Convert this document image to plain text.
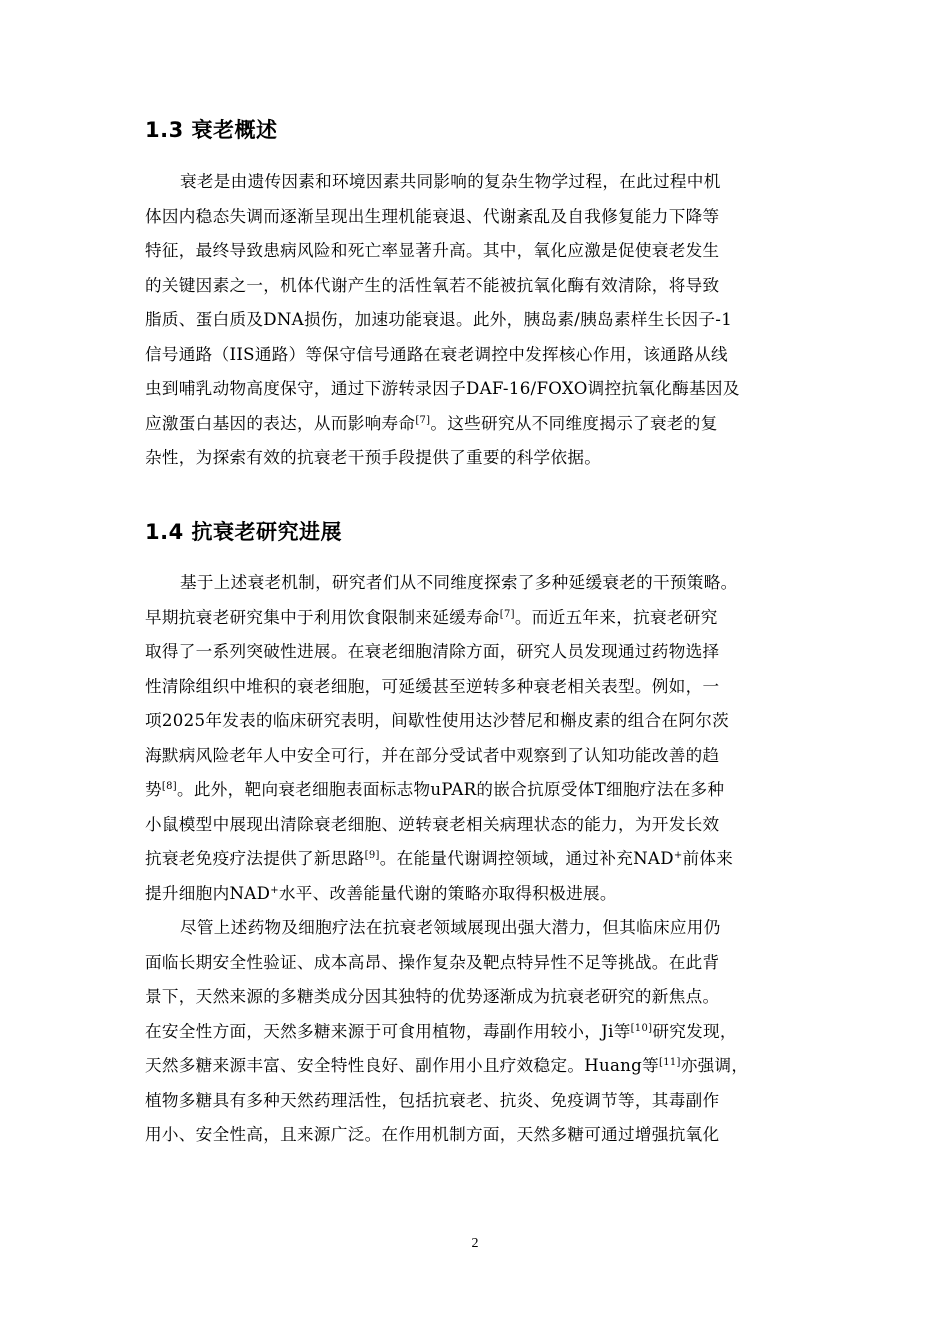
1.3 衰老概述
衰老是由遗传因素和环境因素共同影响的复杂生物学过程，在此过程中机
体因内稳态失调而逐渐呈现出生理机能衰退、代谢紊乱及自我修复能力下降等
特征，最终导致患病风险和死亡率显著升高。其中，氧化应激是促使衰老发生
的关键因素之一，机体代谢产生的活性氧若不能被抗氧化酶有效清除，将导致
脂质、蛋白质及DNA损伤，加速功能衰退。此外，胰岛素/胰岛素样生长因子-1
信号通路（IIS通路）等保守信号通路在衰老调控中发挥核心作用，该通路从线
虫到哺乳动物高度保守，通过下游转录因子DAF-16/FOXO调控抗氧化酶基因及
应激蛋白基因的表达，从而影响寿命[7]。这些研究从不同维度揭示了衰老的复
杂性，为探索有效的抗衰老干预手段提供了重要的科学依据。
1.4 抗衰老研究进展
基于上述衰老机制，研究者们从不同维度探索了多种延缓衰老的干预策略。
早期抗衰老研究集中于利用饮食限制来延缓寿命[7]。而近五年来，抗衰老研究
取得了一系列突破性进展。在衰老细胞清除方面，研究人员发现通过药物选择
性清除组织中堆积的衰老细胞，可延缓甚至逆转多种衰老相关表型。例如，一
项2025年发表的临床研究表明，间歇性使用达沙替尼和槲皮素的组合在阿尔茨
海默病风险老年人中安全可行，并在部分受试者中观察到了认知功能改善的趋
势[8]。此外，靶向衰老细胞表面标志物uPAR的嵌合抗原受体T细胞疗法在多种
小鼠模型中展现出清除衰老细胞、逆转衰老相关病理状态的能力，为开发长效
抗衰老免疫疗法提供了新思路[9]。在能量代谢调控领域，通过补充NAD+前体来
提升细胞内NAD+水平、改善能量代谢的策略亦取得积极进展。
尽管上述药物及细胞疗法在抗衰老领域展现出强大潜力，但其临床应用仍
面临长期安全性验证、成本高昂、操作复杂及靶点特异性不足等挑战。在此背
景下，天然来源的多糖类成分因其独特的优势逐渐成为抗衰老研究的新焦点。
在安全性方面，天然多糖来源于可食用植物，毒副作用较小，Ji等[10]研究发现，
天然多糖来源丰富、安全特性良好、副作用小且疗效稳定。Huang等[11]亦强调，
植物多糖具有多种天然药理活性，包括抗衰老、抗炎、免疫调节等，其毒副作
用小、安全性高，且来源广泛。在作用机制方面，天然多糖可通过增强抗氧化
2
